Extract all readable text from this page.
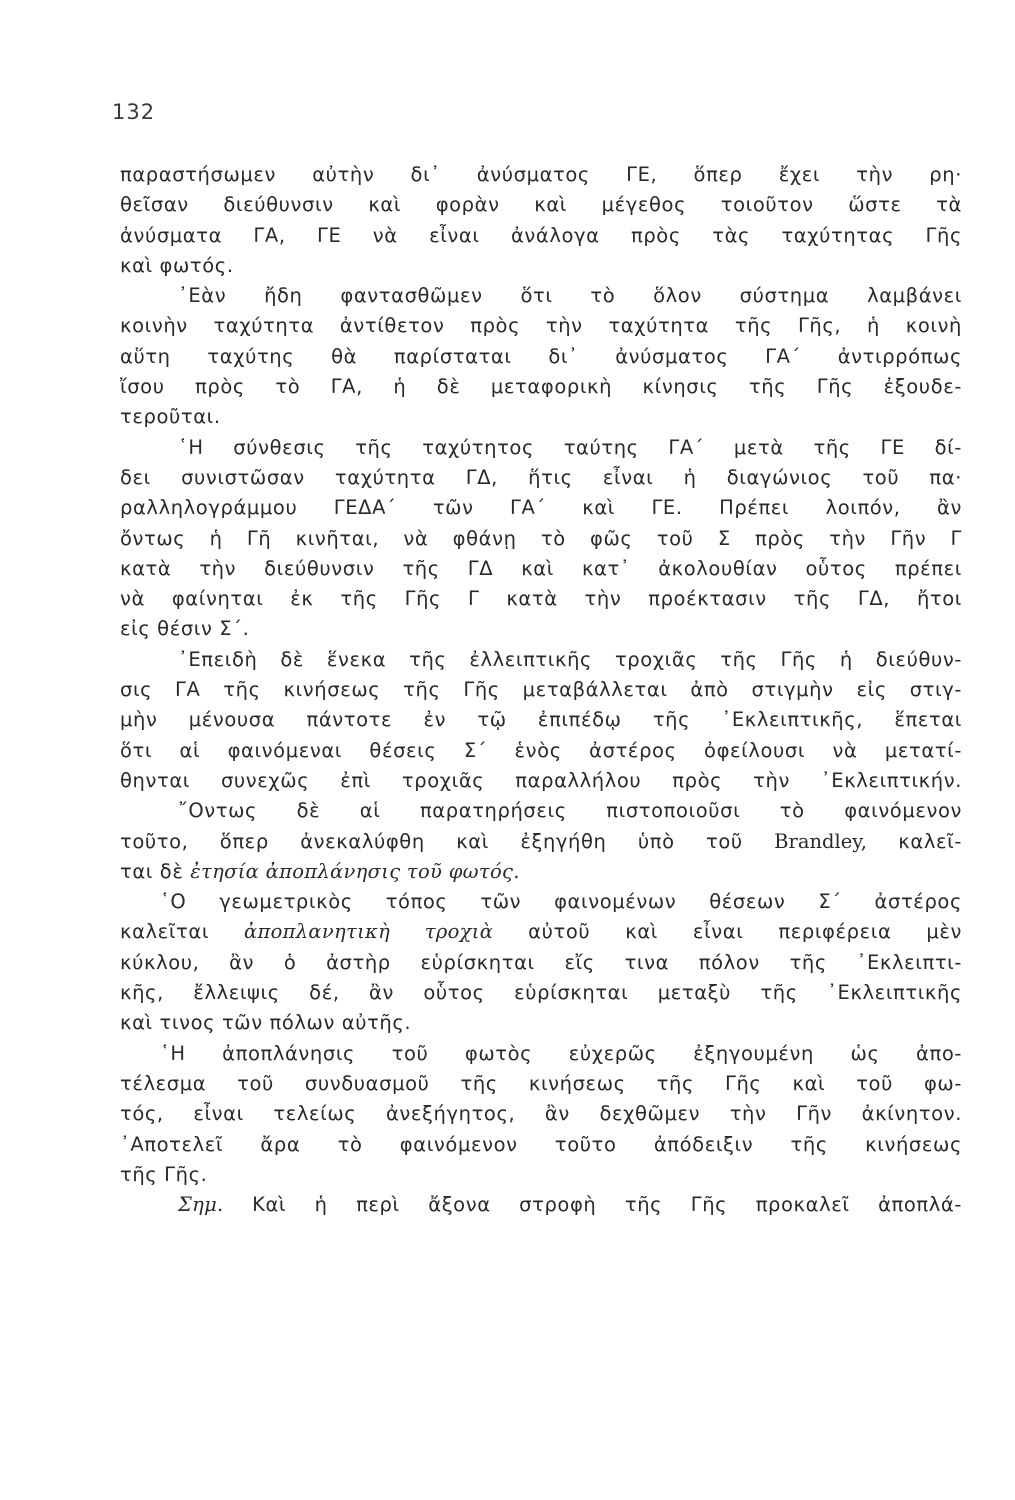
132
παραστήσωμεν αὐτὴν δι᾽ ἀνύσματος ΓΕ, ὅπερ ἔχει τὴν ρη·
θεῖσαν διεύθυνσιν καὶ φορὰν καὶ μέγεθος τοιοῦτον ὥστε τὰ
ἀνύσματα ΓΑ, ΓΕ νὰ εἶναι ἀνάλογα πρὸς τὰς ταχύτητας Γῆς
καὶ φωτός.
᾿Εὰν ἤδη φαντασθῶμεν ὅτι τὸ ὅλον σύστημα λαμβάνει
κοινὴν ταχύτητα ἀντίθετον πρὸς τὴν ταχύτητα τῆς Γῆς, ἡ κοινὴ
αὕτη ταχύτης θὰ παρίσταται δι᾽ ἀνύσματος ΓΑ΄ ἀντιρρόπως
ἴσου πρὸς τὸ ΓΑ, ἡ δὲ μεταφορικὴ κίνησις τῆς Γῆς ἐξουδε-
τεροῦται.
῾Η σύνθεσις τῆς ταχύτητος ταύτης ΓΑ΄ μετὰ τῆς ΓΕ δί-
δει συνιστῶσαν ταχύτητα ΓΔ, ἥτις εἶναι ἡ διαγώνιος τοῦ πα·
ραλληλογράμμου ΓΕΔΑ΄ τῶν ΓΑ΄ καὶ ΓΕ. Πρέπει λοιπόν, ἂν
ὄντως ἡ Γῆ κινῆται, νὰ φθάνῃ τὸ φῶς τοῦ Σ πρὸς τὴν Γῆν Γ
κατὰ τὴν διεύθυνσιν τῆς ΓΔ καὶ κατ᾽ ἀκολουθίαν οὗτος πρέπει
νὰ φαίνηται ἐκ τῆς Γῆς Γ κατὰ τὴν προέκτασιν τῆς ΓΔ, ἤτοι
εἰς θέσιν Σ΄.
᾿Επειδὴ δὲ ἕνεκα τῆς ἐλλειπτικῆς τροχιᾶς τῆς Γῆς ἡ διεύθυν-
σις ΓΑ τῆς κινήσεως τῆς Γῆς μεταβάλλεται ἀπὸ στιγμὴν εἰς στιγ-
μὴν μένουσα πάντοτε ἐν τῷ ἐπιπέδῳ τῆς ᾿Εκλειπτικῆς, ἕπεται
ὅτι αἱ φαινόμεναι θέσεις Σ΄ ἑνὸς ἀστέρος ὀφείλουσι νὰ μετατί-
θηνται συνεχῶς ἐπὶ τροχιᾶς παραλλήλου πρὸς τὴν ᾿Εκλειπτικήν.
῎Οντως δὲ αἱ παρατηρήσεις πιστοποιοῦσι τὸ φαινόμενον
τοῦτο, ὅπερ ἀνεκαλύφθη καὶ ἐξηγήθη ὑπὸ τοῦ Brandley, καλεῖ-
ται δὲ ἐτησία ἀποπλάνησις τοῦ φωτός.
῾Ο γεωμετρικὸς τόπος τῶν φαινομένων θέσεων Σ΄ ἀστέρος
καλεῖται ἀποπλανητικὴ τροχιὰ αὐτοῦ καὶ εἶναι περιφέρεια μὲν
κύκλου, ἂν ὁ ἀστὴρ εὑρίσκηται εἴς τινα πόλον τῆς ᾿Εκλειπτι-
κῆς, ἔλλειψις δέ, ἂν οὗτος εὑρίσκηται μεταξὺ τῆς ᾿Εκλειπτικῆς
καὶ τινος τῶν πόλων αὐτῆς.
῾Η ἀποπλάνησις τοῦ φωτὸς εὐχερῶς ἐξηγουμένη ὡς ἀπο-
τέλεσμα τοῦ συνδυασμοῦ τῆς κινήσεως τῆς Γῆς καὶ τοῦ φω-
τός, εἶναι τελείως ἀνεξήγητος, ἂν δεχθῶμεν τὴν Γῆν ἀκίνητον.
᾿Αποτελεῖ ἄρα τὸ φαινόμενον τοῦτο ἀπόδειξιν τῆς κινήσεως
τῆς Γῆς.
Σημ. Καὶ ἡ περὶ ἄξονα στροφὴ τῆς Γῆς προκαλεῖ ἀποπλά-
